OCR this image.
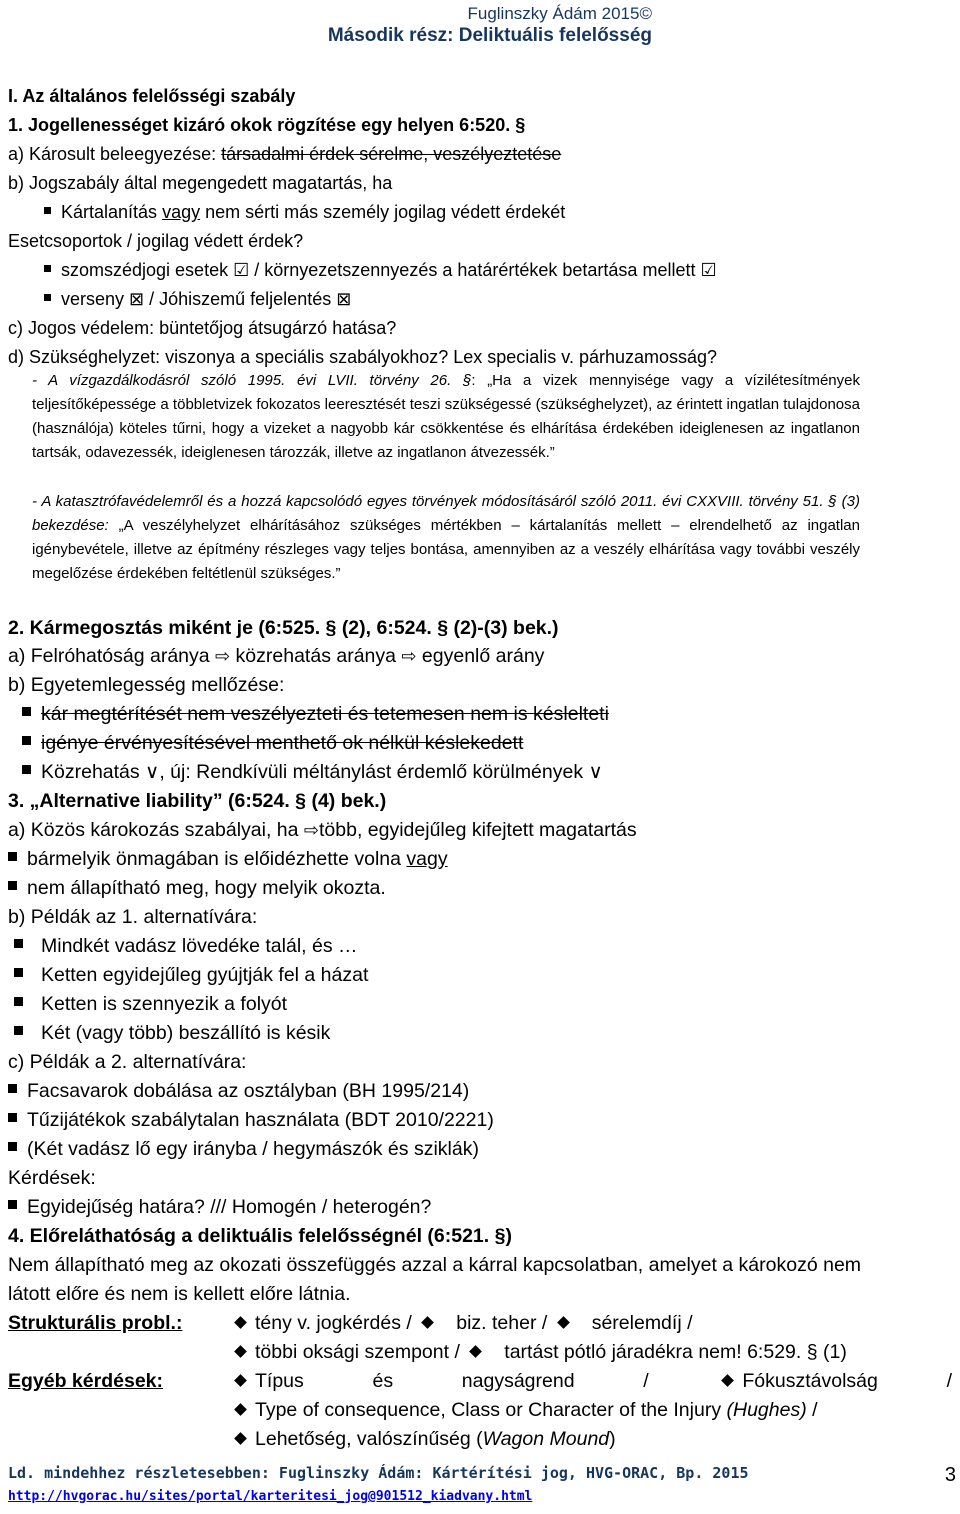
Fuglinszky Ádám 2015©
Második rész: Deliktuális felelősség
I. Az általános felelősségi szabály
1. Jogellenességet kizáró okok rögzítése egy helyen 6:520. §
a) Károsult beleegyezése: társadalmi érdek sérelme, veszélyeztetése
b) Jogszabály által megengedett magatartás, ha
Kártalanítás vagy nem sérti más személy jogilag védett érdekét
Esetcsoportok / jogilag védett érdek?
szomszédjogi esetek ☑ / környezetszennyezés a határértékek betartása mellett ☑
verseny ⊠ / Jóhiszemű feljelentés ⊠
c) Jogos védelem: büntetőjog átsugárzó hatása?
d) Szükséghelyzet: viszonya a speciális szabályokhoz? Lex specialis v. párhuzamosság?
- A vízgazdálkodásról szóló 1995. évi LVII. törvény 26. §: „Ha a vizek mennyisége vagy a vízilétesítmények teljesítőképessége a többletvizek fokozatos leeresztését teszi szükségessé (szükséghelyzet), az érintett ingatlan tulajdonosa (használója) köteles tűrni, hogy a vizeket a nagyobb kár csökkentése és elhárítása érdekében ideiglenesen az ingatlanon tartsák, odavezessék, ideiglenesen tározzák, illetve az ingatlanon átvezessék.”
- A katasztrófavédelemről és a hozzá kapcsolódó egyes törvények módosításáról szóló 2011. évi CXXVIII. törvény 51. § (3) bekezdése: „A veszélyhelyzet elhárításához szükséges mértékben – kártalanítás mellett – elrendelhető az ingatlan igénybevétele, illetve az építmény részleges vagy teljes bontása, amennyiben az a veszély elhárítása vagy további veszély megelőzése érdekében feltétlenül szükséges.”
2. Kármegosztás miként je (6:525. § (2), 6:524. § (2)-(3) bek.)
a) Felróhatóság aránya ⇨ közrehatás aránya ⇨ egyenlő arány
b) Egyetemlegesség mellőzése:
kár megtérítését nem veszélyezteti és tetemesen nem is késlelteti
igénye érvényesítésével menthető ok nélkül késlekedett
Közrehatás ∨, új: Rendkívüli méltánylást érdemlő körülmények ∨
3. „Alternative liability” (6:524. § (4) bek.)
a) Közös károkozás szabályai, ha ⇨több, egyidejűleg kifejtett magatartás
bármelyik önmagában is előidézhette volna vagy
nem állapítható meg, hogy melyik okozta.
b) Példák az 1. alternatívára:
Mindkét vadász lövedéke talál, és …
Ketten egyidejűleg gyújtják fel a házat
Ketten is szennyezik a folyót
Két (vagy több) beszállító is késik
c) Példák a 2. alternatívára:
Facsavarok dobálása az osztályban (BH 1995/214)
Tűzijátékok szabálytalan használata (BDT 2010/2221)
(Két vadász lő egy irányba / hegymászók és sziklák)
Kérdések:
Egyidejűség határa? /// Homogén / heterogén?
4. Előreláthatóság a deliktuális felelősségnél (6:521. §)
Nem állapítható meg az okozati összefüggés azzal a kárral kapcsolatban, amelyet a károkozó nem
látott előre és nem is kellett előre látnia.
Strukturális probl.:	tény v. jogkérdés / biz. teher / sérelemdíj /
többi oksági szempont / tartást pótló járadékra nem! 6:529. § (1)
Egyéb kérdések:	Típus	és	nagyságrend	/	Fókusztávolság	/
Type of consequence, Class or Character of the Injury (Hughes) /
Lehetőség, valószínűség (Wagon Mound)
Ld. mindehhez részletesebben: Fuglinszky Ádám: Kártérítési jog, HVG-ORAC, Bp. 2015
http://hvgorac.hu/sites/portal/karteritesi_jog@901512_kiadvany.html
3
